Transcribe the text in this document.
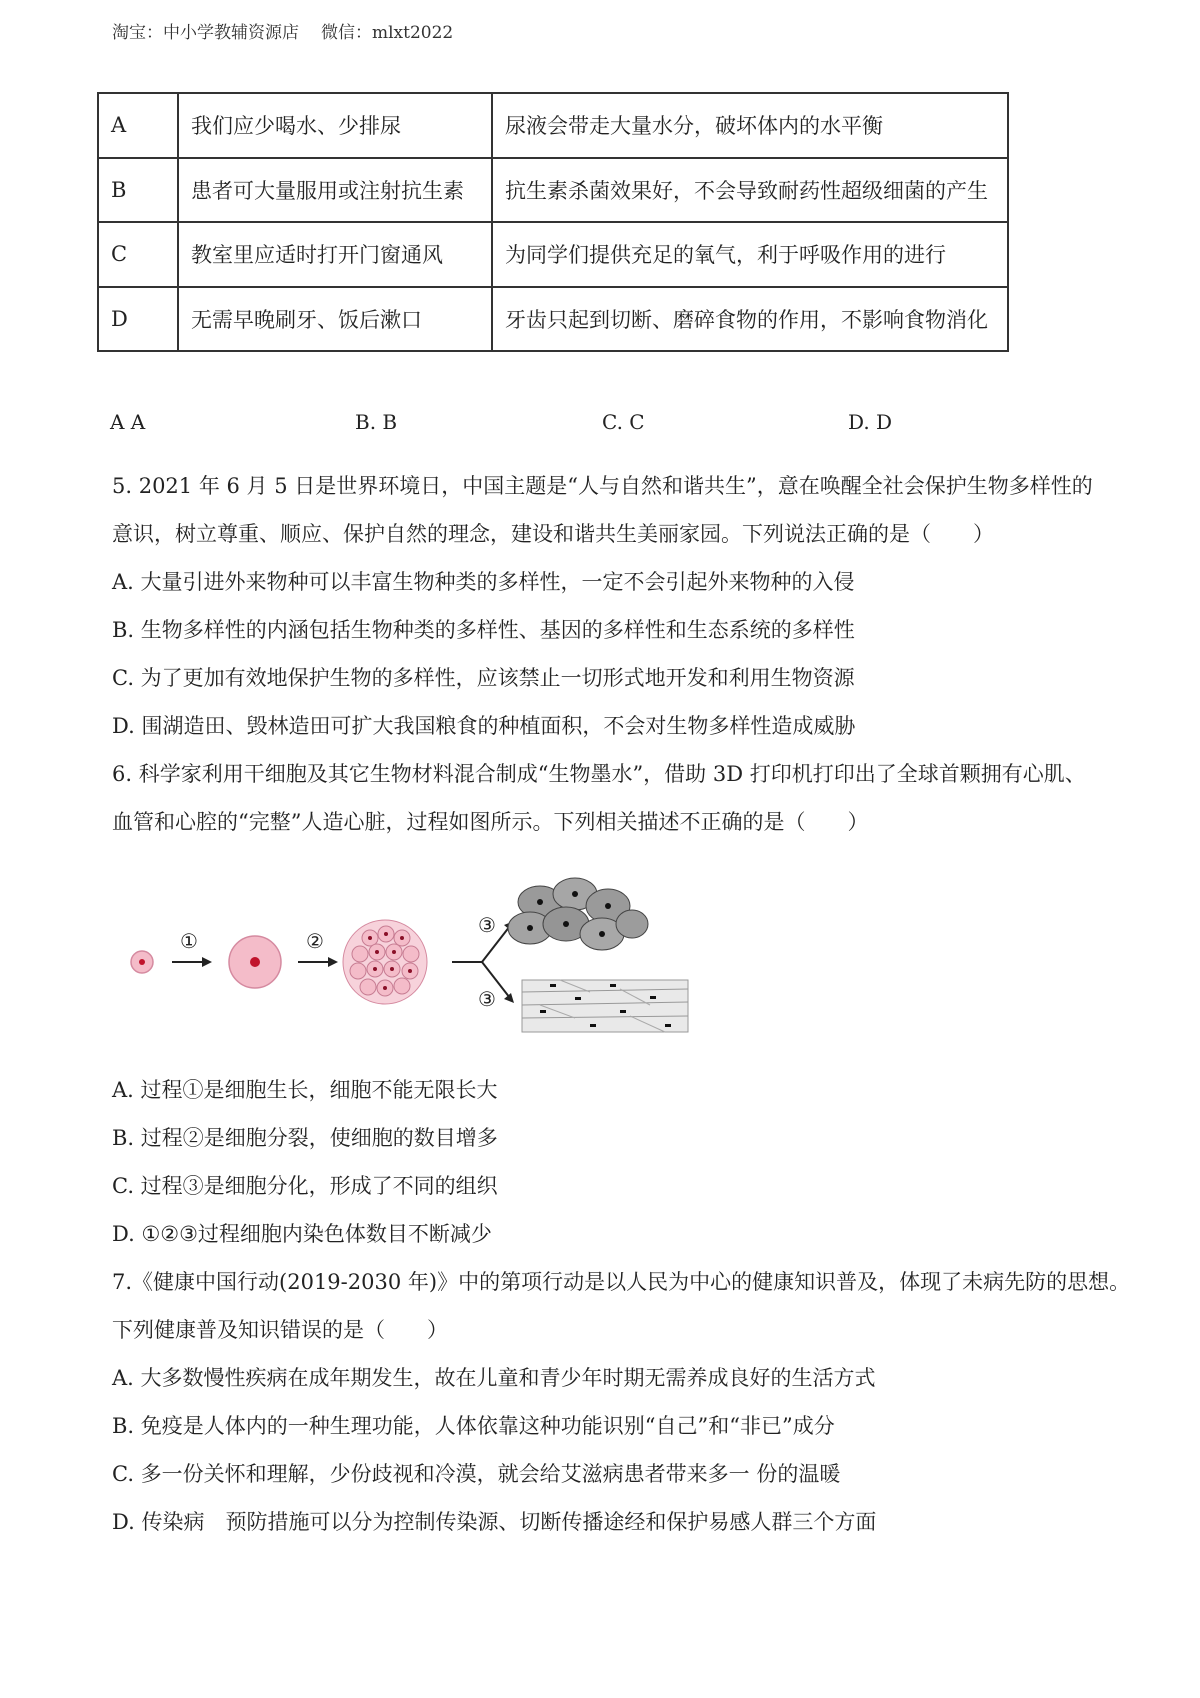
淘宝：中小学教辅资源店 微信：mlxt2022
A	我们应少喝水、少排尿	尿液会带走大量水分，破坏体内的水平衡
B	患者可大量服用或注射抗生素	抗生素杀菌效果好，不会导致耐药性超级细菌的产生
C	教室里应适时打开门窗通风	为同学们提供充足的氧气，利于呼吸作用的进行
D	无需早晚刷牙、饭后漱口	牙齿只起到切断、磨碎食物的作用，不影响食物消化
A A	B. B	C. C	D. D
5. 2021 年 6 月 5 日是世界环境日，中国主题是“人与自然和谐共生”，意在唤醒全社会保护生物多样性的
意识，树立尊重、顺应、保护自然的理念，建设和谐共生美丽家园。下列说法正确的是（　　）
A. 大量引进外来物种可以丰富生物种类的多样性，一定不会引起外来物种的入侵
B. 生物多样性的内涵包括生物种类的多样性、基因的多样性和生态系统的多样性
C. 为了更加有效地保护生物的多样性，应该禁止一切形式地开发和利用生物资源
D. 围湖造田、毁林造田可扩大我国粮食的种植面积，不会对生物多样性造成威胁
6. 科学家利用干细胞及其它生物材料混合制成“生物墨水”，借助 3D 打印机打印出了全球首颗拥有心肌、
血管和心腔的“完整”人造心脏，过程如图所示。下列相关描述不正确的是（　　）
①	②
③
③
A. 过程①是细胞生长，细胞不能无限长大
B. 过程②是细胞分裂，使细胞的数目增多
C. 过程③是细胞分化，形成了不同的组织
D. ①②③过程细胞内染色体数目不断减少
7.《健康中国行动(2019-2030 年)》中的第项行动是以人民为中心的健康知识普及，体现了未病先防的思想。
下列健康普及知识错误的是（　　）
A. 大多数慢性疾病在成年期发生，故在儿童和青少年时期无需养成良好的生活方式
B. 免疫是人体内的一种生理功能，人体依靠这种功能识别“自己”和“非已”成分
C. 多一份关怀和理解，少份歧视和冷漠，就会给艾滋病患者带来多一 份的温暖
D. 传染病　预防措施可以分为控制传染源、切断传播途经和保护易感人群三个方面
